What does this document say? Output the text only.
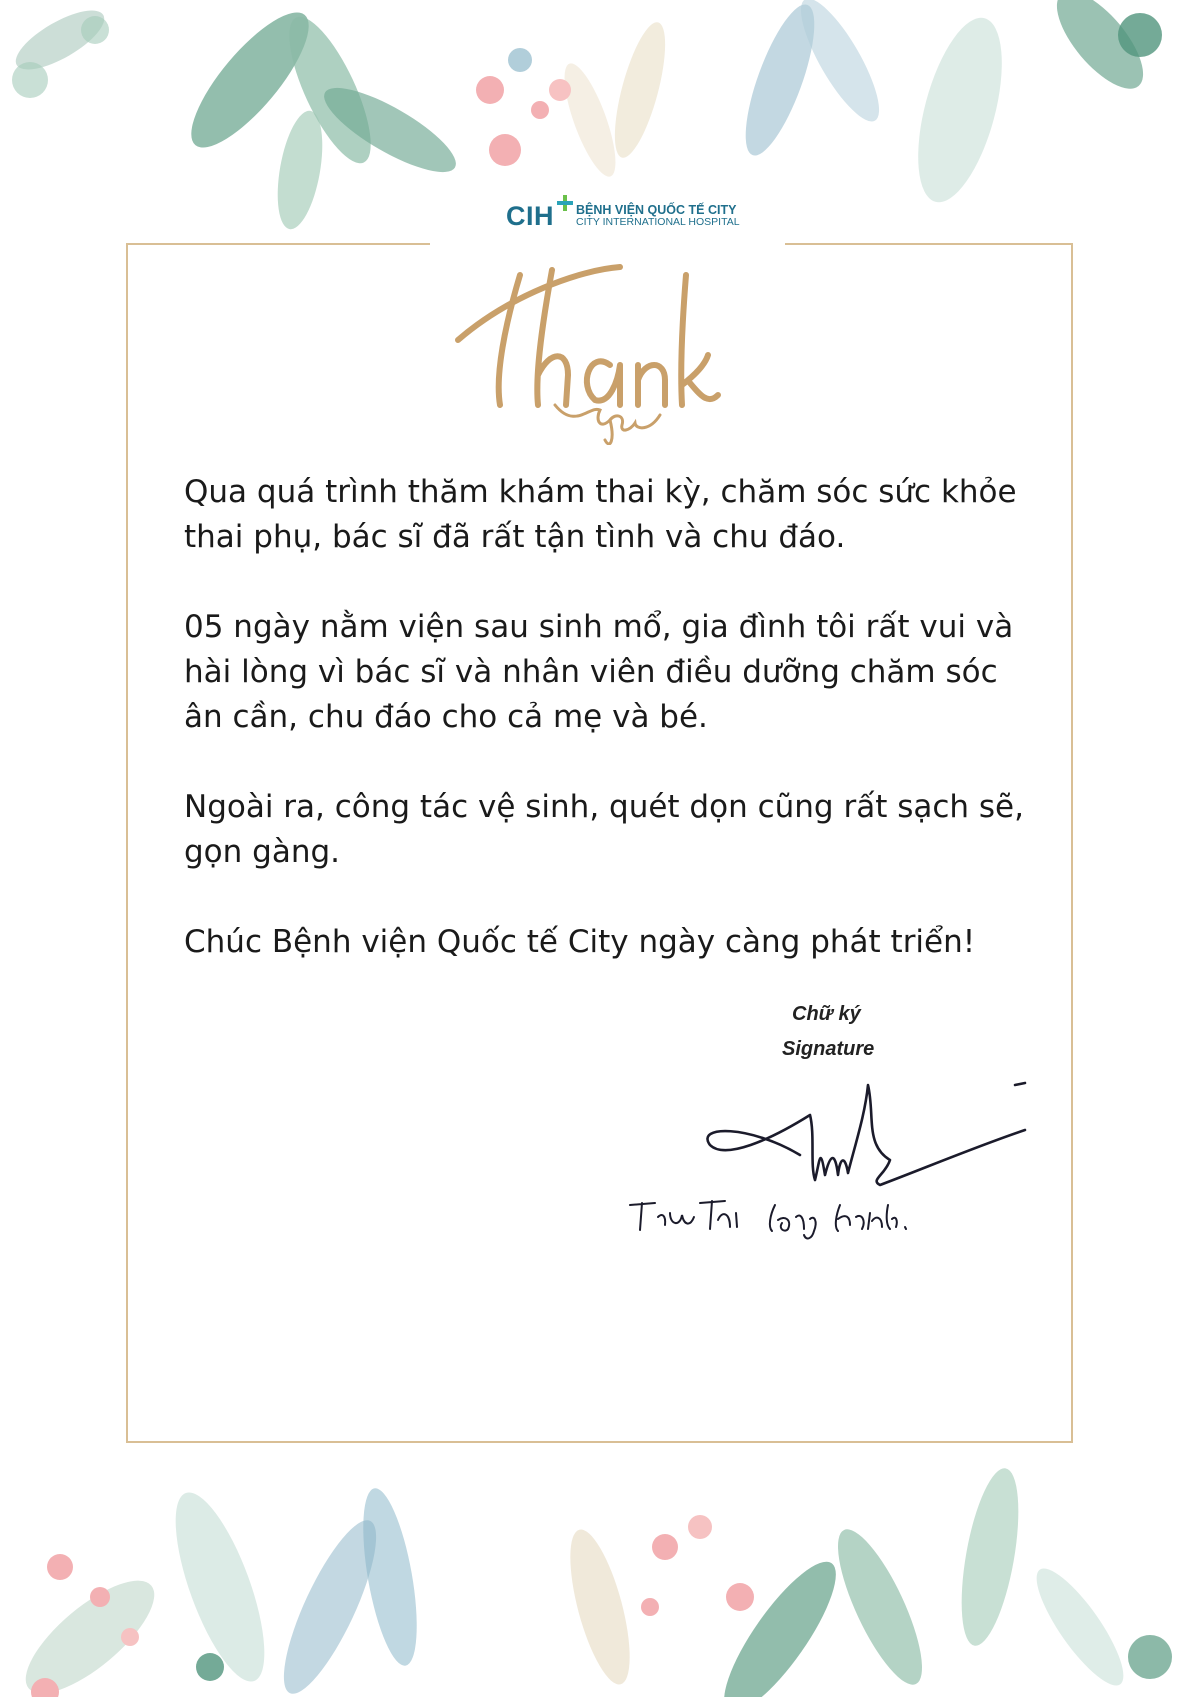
CIH BỆNH VIỆN QUỐC TẾ CITY
CITY INTERNATIONAL HOSPITAL

Qua quá trình thăm khám thai kỳ, chăm sóc sức khỏe thai phụ, bác sĩ đã rất tận tình và chu đáo.

05 ngày nằm viện sau sinh mổ, gia đình tôi rất vui và hài lòng vì bác sĩ và nhân viên điều dưỡng chăm sóc ân cần, chu đáo cho cả mẹ và bé.

Ngoài ra, công tác vệ sinh, quét dọn cũng rất sạch sẽ, gọn gàng.

Chúc Bệnh viện Quốc tế City ngày càng phát triển!

Chữ ký
Signature
